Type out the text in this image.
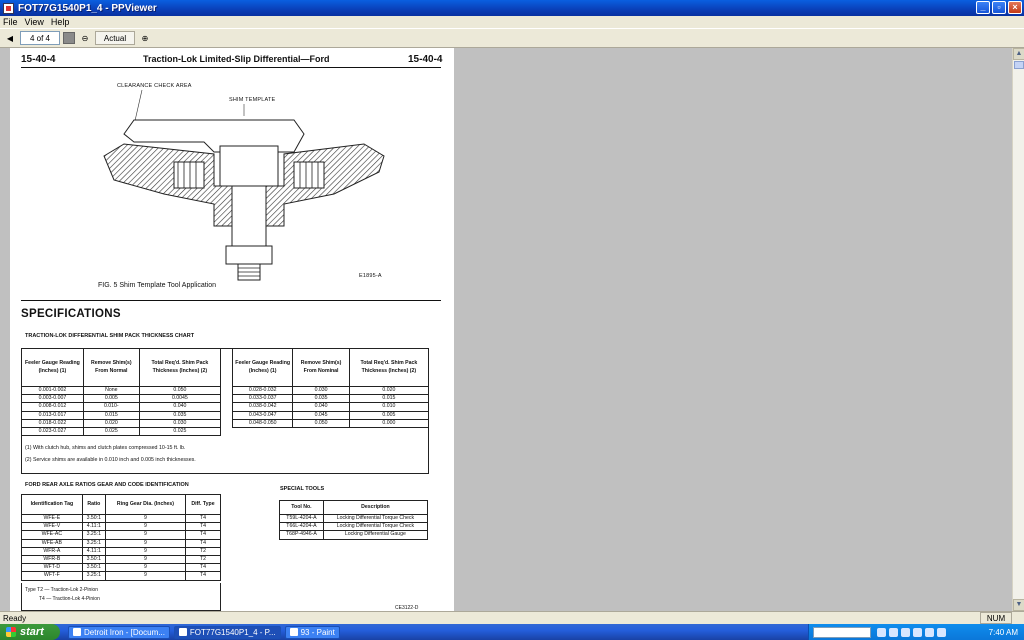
FOT77G1540P1_4 - PPViewer	_	▫	×
File View Help
◀	4 of 4	⊖	Actual	⊕
15-40-4	Traction-Lok Limited-Slip Differential—Ford	15-40-4
CLEARANCE CHECK AREA
SHIM TEMPLATE
E1895-A
FIG. 5 Shim Template Tool Application
SPECIFICATIONS
TRACTION-LOK DIFFERENTIAL SHIM PACK THICKNESS CHART
Feeler Gauge Reading (Inches) (1)	Remove Shim(s) From Normal	Total Req'd. Shim Pack Thickness (Inches) (2)
0.001-0.002	None	0.050
0.003-0.007	0.005	0.0045
0.008-0.012	0.010-	0.040
0.013-0.017	0.015	0.035
0.018-0.022	0.020	0.030
0.023-0.027	0.025	0.025
Feeler Gauge Reading (Inches) (1)	Remove Shim(s) From Nominal	Total Req'd. Shim Pack Thickness (Inches) (2)
0.028-0.032	0.030	0.020
0.033-0.037	0.035	0.015
0.038-0.042	0.040	0.010
0.043-0.047	0.045	0.005
0.048-0.050	0.050	0.000
(1) With clutch hub, shims and clutch plates compressed 10-15 ft. lb.
(2) Service shims are available in 0.010 inch and 0.005 inch thicknesses.
FORD REAR AXLE RATIOS GEAR AND CODE IDENTIFICATION
Identification Tag	Ratio	Ring Gear Dia. (Inches)	Diff. Type
WFE-E	3.50:1	9	T4
WFE-V	4.11:1	9	T4
WFE-AC	3.25:1	9	T4
WFE-AB	3.25:1	9	T4
WFR-A	4.11:1	9	T2
WFR-B	3.50:1	9	T2
WFT-D	3.50:1	9	T4
WFT-F	3.25:1	9	T4
Type T2 — Traction-Lok 2-Pinion
T4 — Traction-Lok 4-Pinion
SPECIAL TOOLS
Tool No.	Description
T59L-4204-A	Locking Differential Torque Check
T66L-4204-A	Locking Differential Torque Check
T68P-4946-A	Locking Differential Gauge
CE3122-D
▲
▼
Ready	NUM
start	Detroit Iron - [Docum...	FOT77G1540P1_4 - P...	93 - Paint	7:40 AM
